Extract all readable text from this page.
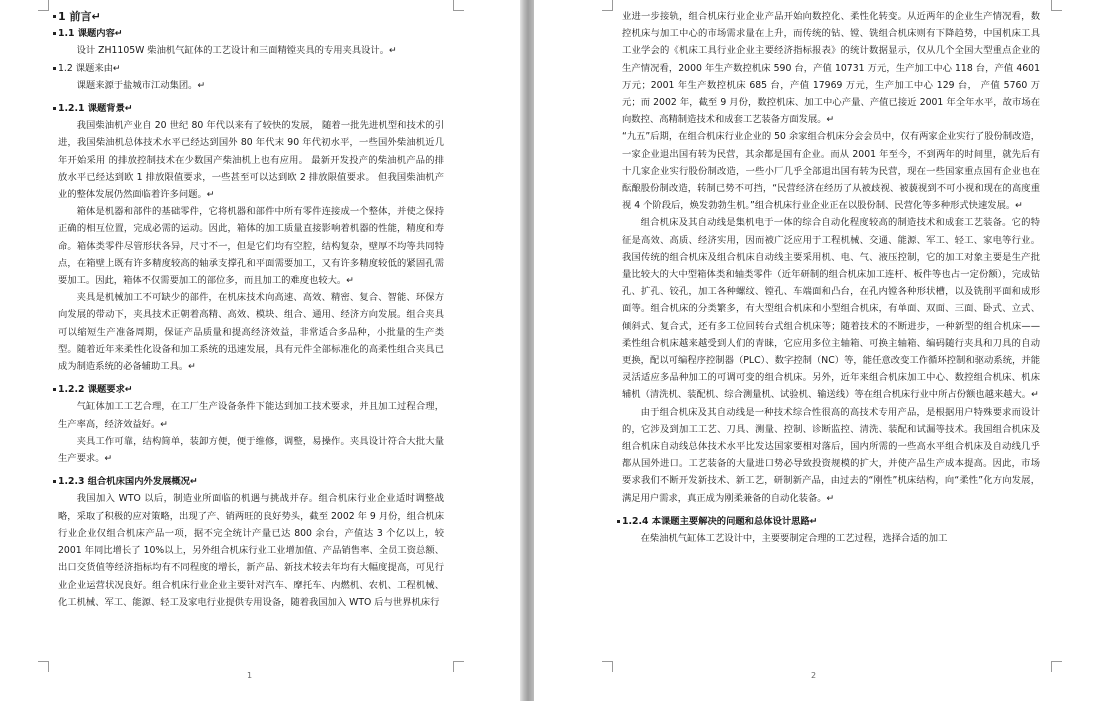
1 前言↵

1.1 课题内容↵

设计 ZH1105W 柴油机气缸体的工艺设计和三面精镗夹具的专用夹具设计。↵

1.2 课题来由↵

课题来源于盐城市江动集团。↵

1.2.1 课题背景↵

我国柴油机产业自 20 世纪 80 年代以来有了较快的发展， 随着一批先进机型和技术的引进，我国柴油机总体技术水平已经达到国外 80 年代末 90 年代初水平，一些国外柴油机近几年开始采用 的排放控制技术在少数国产柴油机上也有应用。 最新开发投产的柴油机产品的排放水平已经达到欧 1 排放限值要求，一些甚至可以达到欧 2 排放限值要求。 但我国柴油机产业的整体发展仍然面临着许多问题。↵

箱体是机器和部件的基础零件，它将机器和部件中所有零件连接成一个整体，并使之保持正确的相互位置，完成必需的运动。因此，箱体的加工质量直接影响着机器的性能，精度和寿命。箱体类零件尽管形状各异，尺寸不一，但是它们均有空腔，结构复杂，壁厚不均等共同特点，在箱壁上既有许多精度较高的轴承支撑孔和平面需要加工，又有许多精度较低的紧固孔需要加工。因此，箱体不仅需要加工的部位多，而且加工的难度也较大。↵

夹具是机械加工不可缺少的部件，在机床技术向高速、高效、精密、复合、智能、环保方向发展的带动下，夹具技术正朝着高精、高效、模块、组合、通用、经济方向发展。组合夹具可以缩短生产准备周期，保证产品质量和提高经济效益，非常适合多品种，小批量的生产类型。随着近年来柔性化设备和加工系统的迅速发展，具有元件全部标准化的高柔性组合夹具已成为制造系统的必备辅助工具。↵

1.2.2 课题要求↵

气缸体加工工艺合理，在工厂生产设备条件下能达到加工技术要求，并且加工过程合理，生产率高，经济效益好。↵

夹具工作可靠，结构简单，装卸方便，便于维修，调整，易操作。夹具设计符合大批大量生产要求。↵

1.2.3 组合机床国内外发展概况↵

我国加入 WTO 以后，制造业所面临的机遇与挑战并存。组合机床行业企业适时调整战略，采取了积极的应对策略，出现了产、销两旺的良好势头，截至 2002 年 9 月份，组合机床行业企业仅组合机床产品一项，据不完全统计产量已达 800 余台，产值达 3 个亿以上，较 2001 年同比增长了 10%以上，另外组合机床行业工业增加值、产品销售率、全员工资总额、出口交货值等经济指标均有不同程度的增长，新产品、新技术较去年均有大幅度提高，可见行业企业运营状况良好。组合机床行业企业主要针对汽车、摩托车、内燃机、农机、工程机械、化工机械、军工、能源、轻工及家电行业提供专用设备，随着我国加入 WTO 后与世界机床行

1

业进一步接轨，组合机床行业企业产品开始向数控化、柔性化转变。从近两年的企业生产情况看，数控机床与加工中心的市场需求量在上升，而传统的钻、镗、铣组合机床则有下降趋势，中国机床工具工业学会的《机床工具行业企业主要经济指标报表》的统计数据显示，仅从几个全国大型重点企业的生产情况看，2000 年生产数控机床 590 台，产值 10731 万元，生产加工中心 118 台，产值 4601 万元；2001 年生产数控机床 685 台，产值 17969 万元，生产加工中心 129 台， 产值 5760 万元；而 2002 年，截至 9 月份，数控机床、加工中心产量、产值已接近 2001 年全年水平，故市场在向数控、高精制造技术和成套工艺装备方面发展。↵

“九五”后期，在组合机床行业企业的 50 余家组合机床分会会员中，仅有两家企业实行了股份制改造，一家企业退出国有转为民营，其余都是国有企业。而从 2001 年至今，不到两年的时间里，就先后有十几家企业实行股份制改造，一些小厂几乎全部退出国有转为民营，现在一些国家重点国有企业也在酝酿股份制改造，转制已势不可挡，“民营经济在经历了从被歧视、被藐视到不可小视和现在的高度重视 4 个阶段后，焕发勃勃生机。”组合机床行业企业正在以股份制、民营化等多种形式快速发展。↵

组合机床及其自动线是集机电于一体的综合自动化程度较高的制造技术和成套工艺装备。它的特征是高效、高质、经济实用，因而被广泛应用于工程机械、交通、能源、军工、轻工、家电等行业。我国传统的组合机床及组合机床自动线主要采用机、电、气、液压控制，它的加工对象主要是生产批量比较大的大中型箱体类和轴类零件（近年研制的组合机床加工连杆、板件等也占一定份额），完成钻孔、扩孔、铰孔，加工各种螺纹、镗孔、车端面和凸台，在孔内镗各种形状槽，以及铣削平面和成形面等。组合机床的分类繁多，有大型组合机床和小型组合机床，有单面、双面、三面、卧式、立式、倾斜式、复合式，还有多工位回转台式组合机床等；随着技术的不断进步，一种新型的组合机床——柔性组合机床越来越受到人们的青睐，它应用多位主轴箱、可换主轴箱、编码随行夹具和刀具的自动更换，配以可编程序控制器（PLC）、数字控制（NC）等，能任意改变工作循环控制和驱动系统，并能灵活适应多品种加工的可调可变的组合机床。另外，近年来组合机床加工中心、数控组合机床、机床辅机（清洗机、装配机、综合测量机、试验机、输送线）等在组合机床行业中所占份额也越来越大。↵

由于组合机床及其自动线是一种技术综合性很高的高技术专用产品，是根据用户特殊要求而设计的，它涉及到加工工艺、刀具、测量、控制、诊断监控、清洗、装配和试漏等技术。我国组合机床及组合机床自动线总体技术水平比发达国家要相对落后，国内所需的一些高水平组合机床及自动线几乎都从国外进口。工艺装备的大量进口势必导致投资规模的扩大，并使产品生产成本提高。因此，市场要求我们不断开发新技术、新工艺，研制新产品，由过去的“刚性”机床结构，向“柔性”化方向发展，满足用户需求，真正成为刚柔兼备的自动化装备。↵

1.2.4 本课题主要解决的问题和总体设计思路↵

在柴油机气缸体工艺设计中，主要要制定合理的工艺过程，选择合适的加工

2
